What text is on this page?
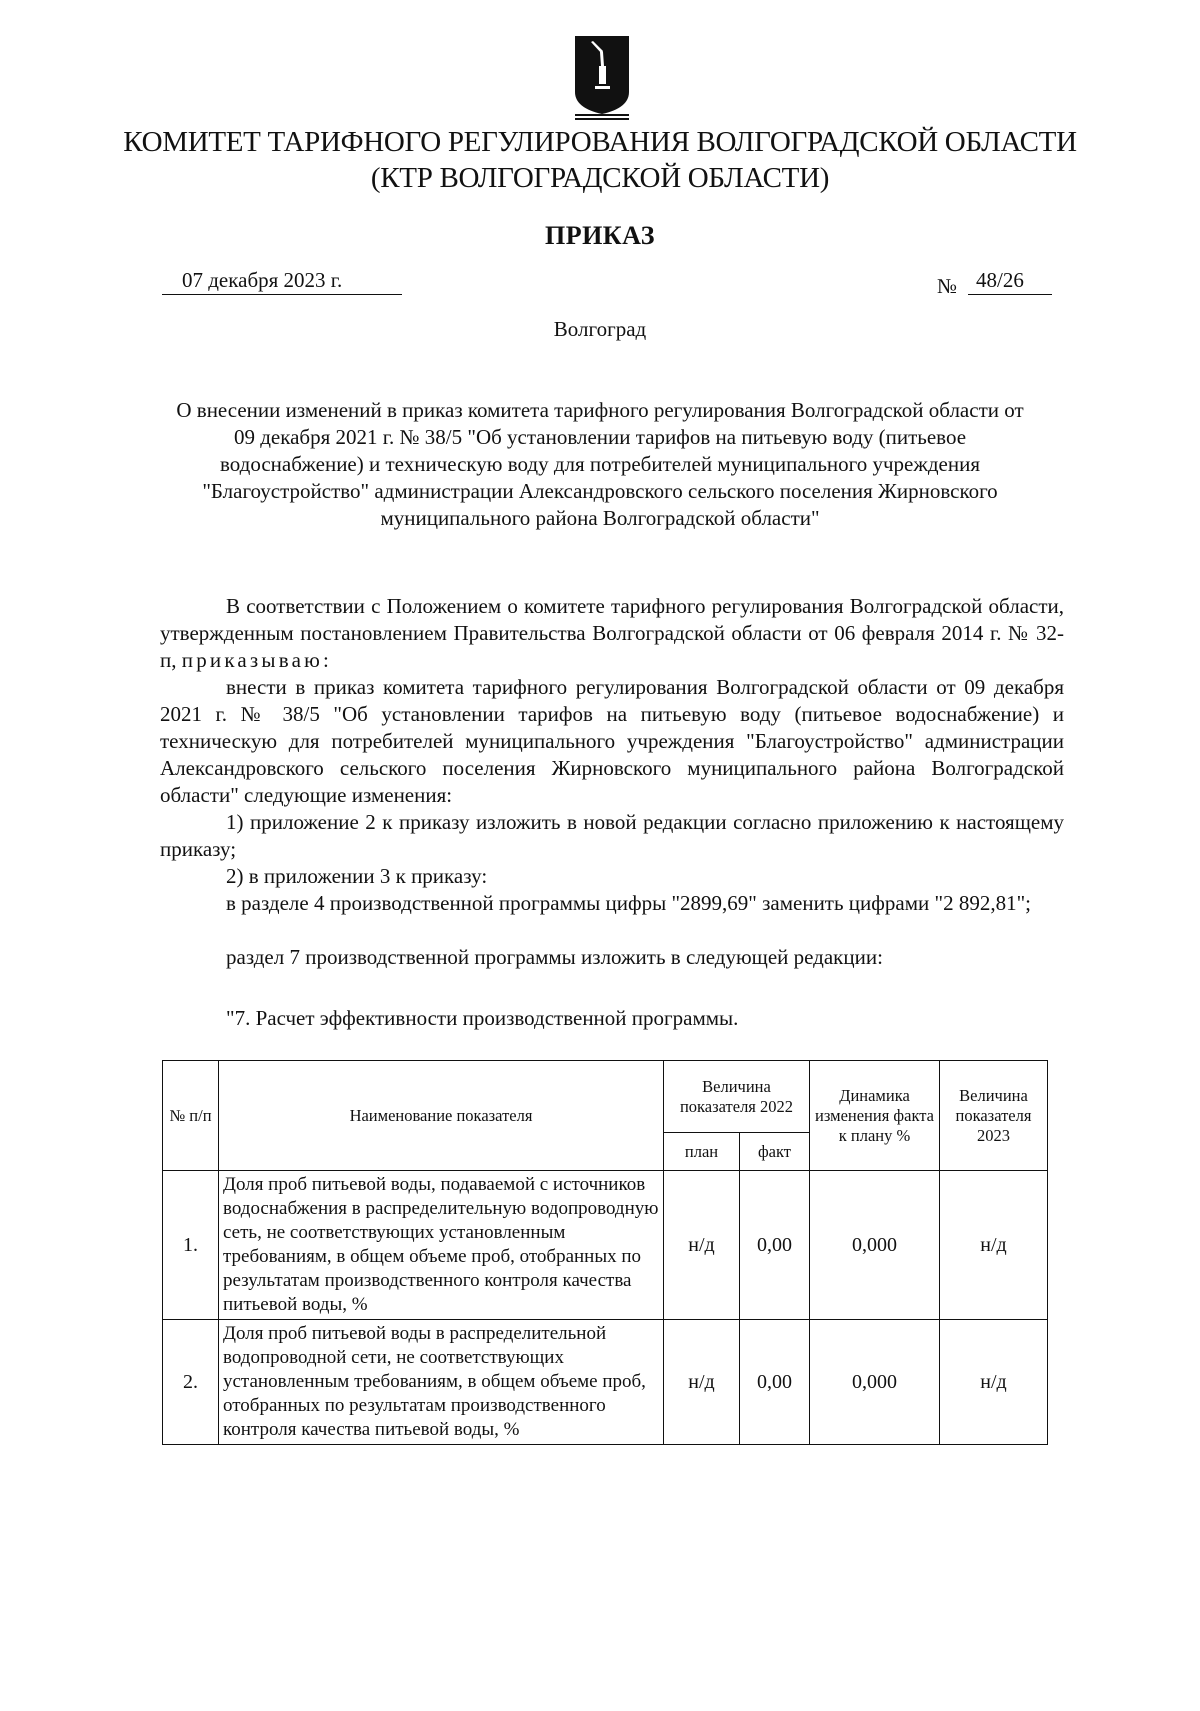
КОМИТЕТ ТАРИФНОГО РЕГУЛИРОВАНИЯ ВОЛГОГРАДСКОЙ ОБЛАСТИ
(КТР ВОЛГОГРАДСКОЙ ОБЛАСТИ)
ПРИКАЗ
07 декабря 2023 г.	№ 48/26
Волгоград
О внесении изменений в приказ комитета тарифного регулирования Волгоградской области от 09 декабря 2021 г. № 38/5 "Об установлении тарифов на питьевую воду (питьевое водоснабжение) и техническую воду для потребителей муниципального учреждения "Благоустройство" администрации Александровского сельского поселения Жирновского муниципального района Волгоградской области"
В соответствии с Положением о комитете тарифного регулирования Волгоградской области, утвержденным постановлением Правительства Волгоградской области от 06 февраля 2014 г. № 32-п, приказываю:
внести в приказ комитета тарифного регулирования Волгоградской области от 09 декабря 2021 г. № 38/5 "Об установлении тарифов на питьевую воду (питьевое водоснабжение) и техническую для потребителей муниципального учреждения "Благоустройство" администрации Александровского сельского поселения Жирновского муниципального района Волгоградской области" следующие изменения:
1) приложение 2 к приказу изложить в новой редакции согласно приложению к настоящему приказу;
2) в приложении 3 к приказу:
в разделе 4 производственной программы цифры "2899,69" заменить цифрами "2 892,81";
раздел 7 производственной программы изложить в следующей редакции:
"7. Расчет эффективности производственной программы.
№ п/п	Наименование показателя	Величина показателя 2022		Динамика изменения факта к плану %	Величина показателя 2023
		план	факт		
1.	Доля проб питьевой воды, подаваемой с источников водоснабжения в распределительную водопроводную сеть, не соответствующих установленным требованиям, в общем объеме проб, отобранных по результатам производственного контроля качества питьевой воды, %	н/д	0,00	0,000	н/д
2.	Доля проб питьевой воды в распределительной водопроводной сети, не соответствующих установленным требованиям, в общем объеме проб, отобранных по результатам производственного контроля качества питьевой воды, %	н/д	0,00	0,000	н/д
